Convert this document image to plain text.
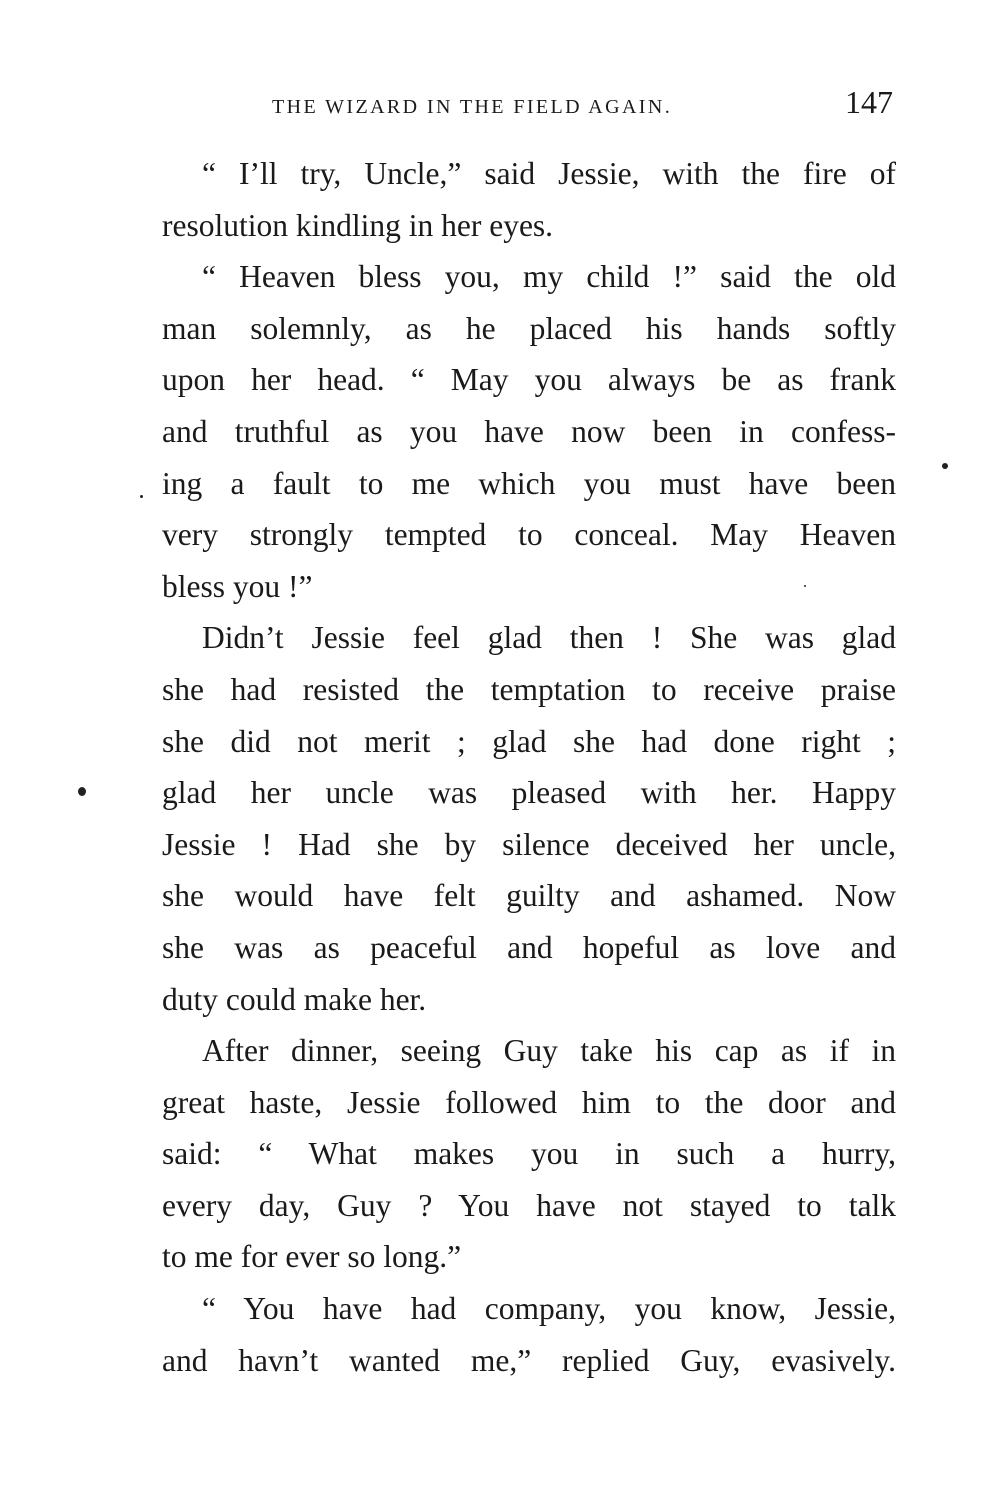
THE WIZARD IN THE FIELD AGAIN.	147
“ I’ll try, Uncle,” said Jessie, with the fire of
resolution kindling in her eyes.
“ Heaven bless you, my child !” said the old
man solemnly, as he placed his hands softly
upon her head. “ May you always be as frank
and truthful as you have now been in confess-
ing a fault to me which you must have been
very strongly tempted to conceal. May Heaven
bless you !”
Didn’t Jessie feel glad then ! She was glad
she had resisted the temptation to receive praise
she did not merit ; glad she had done right ;
glad her uncle was pleased with her. Happy
Jessie ! Had she by silence deceived her uncle,
she would have felt guilty and ashamed. Now
she was as peaceful and hopeful as love and
duty could make her.
After dinner, seeing Guy take his cap as if in
great haste, Jessie followed him to the door and
said: “ What makes you in such a hurry,
every day, Guy ? You have not stayed to talk
to me for ever so long.”
“ You have had company, you know, Jessie,
and havn’t wanted me,” replied Guy, evasively.
